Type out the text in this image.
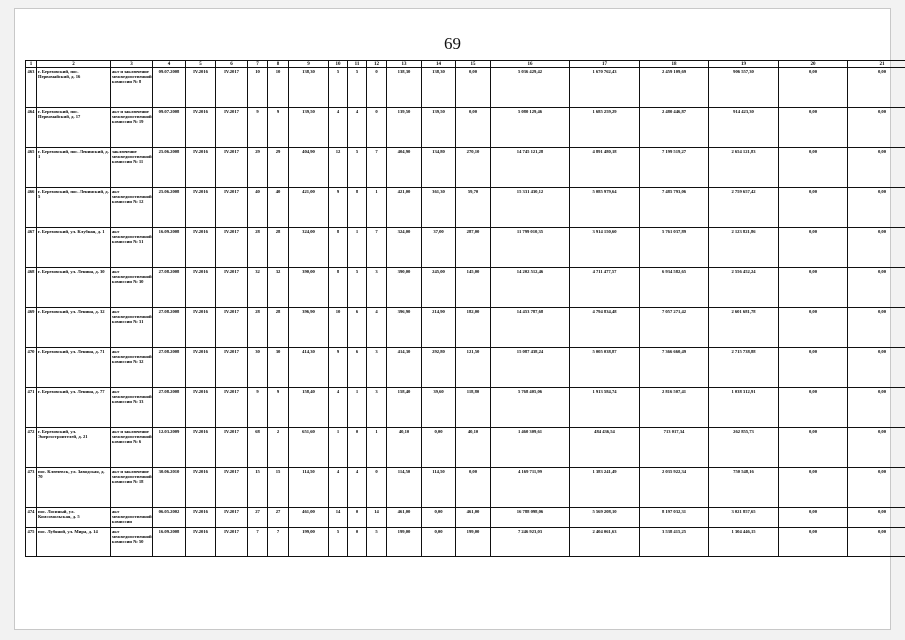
69
1	2	3	4	5	6	7	8	9	10	11	12	13	14	15	16	17	18	19	20	21
463	г. Березовский, пос. Первомайский, д. 16	акт и заключение межведомственной комиссии № 8	09.07.2008	IV.2016	IV.2017	10	10	138,30	5	5	0	138,30	138,30	0,00	5 036 429,42	1 670 762,43	2 459 109,69	906 557,30	0,00	0,00
464	г. Березовский, пос. Первомайский, д. 17	акт и заключение межведомственной комиссии № 19	09.07.2008	IV.2016	IV.2017	9	9	139,50	4	4	0	139,50	139,50	0,00	5 080 129,46	1 685 259,29	2 480 446,87	914 423,30	0,00	0,00
465	г. Березовский, пос. Ленинский, д. 1	заключение межведомственной комиссии № 11	25.06.2008	IV.2016	IV.2017	29	29	404,90	12	5	7	404,90	134,80	270,10	14 745 121,28	4 891 480,18	7 199 519,27	2 654 121,83	0,00	0,00
466	г. Березовский, пос. Ленинский, д. 5	акт межведомственной комиссии № 12	25.06.2008	IV.2016	IV.2017	40	40	421,00	9	8	1	421,00	361,30	59,70	15 331 430,12	5 085 979,64	7 485 793,06	2 759 657,42	0,00	0,00
467	г. Березовский, ул. Клубная, д. 1	акт межведомственной комиссии № 51	16.09.2008	IV.2016	IV.2017	28	28	324,00	8	1	7	324,00	37,00	287,00	11 799 010,35	3 914 150,60	5 761 037,89	2 123 821,86	0,00	0,00
468	г. Березовский, ул. Ленина, д. 30	акт межведомственной комиссии № 30	27.08.2008	IV.2016	IV.2017	32	32	390,00	8	5	3	390,00	245,00	145,00	14 202 512,46	4 711 477,57	6 934 582,65	2 556 452,24	0,00	0,00
469	г. Березовский, ул. Ленина, д. 32	акт межведомственной комиссии № 31	27.08.2008	IV.2016	IV.2017	28	28	396,90	10	6	4	396,90	214,90	182,00	14 453 787,68	4 794 834,48	7 057 271,42	2 601 681,78	0,00	0,00
470	г. Березовский, ул. Ленина, д. 71	акт межведомственной комиссии № 32	27.08.2008	IV.2016	IV.2017	30	30	414,30	9	6	3	414,30	292,80	121,50	15 087 438,24	5 005 038,87	7 366 660,49	2 715 738,88	0,00	0,00
471	г. Березовский, ул. Ленина, д. 77	акт межведомственной комиссии № 33	27.08.2008	IV.2016	IV.2017	9	9	158,40	4	1	3	158,40	39,60	118,80	5 768 405,06	1 913 584,74	2 816 507,41	1 038 312,91	0,00	0,00
472	г. Березовский, ул. Энергостроителей, д. 21	акт и заключение межведомственной комиссии № 6	12.03.2009	IV.2016	IV.2017	68	2	651,60	1	0	1	40,10	0,00	40,10	1 460 309,61	484 436,54	713 017,34	262 855,73	0,00	0,00
473	пос. Ключевск, ул. Заводская, д. 70	акт и заключение межведомственной комиссии № 18	30.06.2010	IV.2016	IV.2017	15	15	114,50	4	4	0	114,50	114,50	0,00	4 169 711,99	1 383 241,49	2 035 922,34	750 548,16	0,00	0,00
474	пос. Лосиный, ул. Комсомольская, д. 5	акт межведомственной комиссии	06.05.2002	IV.2016	IV.2017	27	27	461,00	14	0	14	461,00	0,00	461,00	16 788 098,06	5 569 208,10	8 197 032,31	3 021 857,65	0,00	0,00
475	пос. Лубяной, ул. Мира, д. 14	акт межведомственной комиссии № 50	16.09.2008	IV.2016	IV.2017	7	7	199,00	5	0	5	199,00	0,00	199,00	7 246 923,03	2 404 061,63	3 538 415,25	1 304 446,15	0,00	0,00
